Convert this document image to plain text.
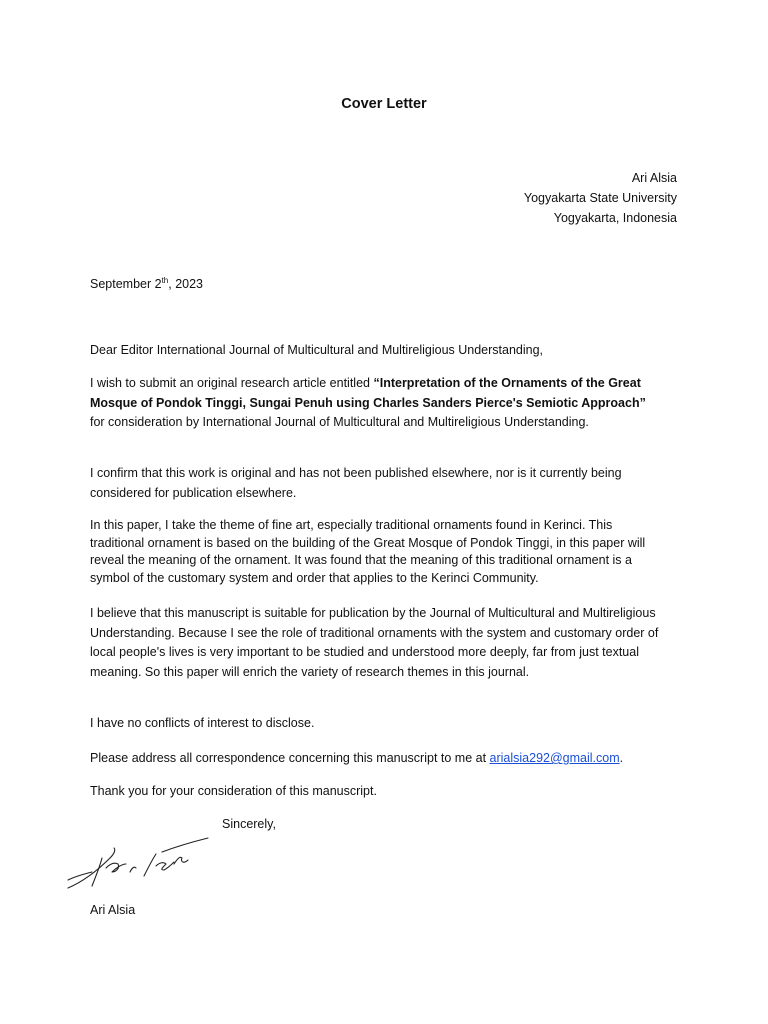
Cover Letter
Ari Alsia
Yogyakarta State University
Yogyakarta, Indonesia
September 2th, 2023
Dear Editor International Journal of Multicultural and Multireligious Understanding,
I wish to submit an original research article entitled “Interpretation of the Ornaments of the Great Mosque of Pondok Tinggi, Sungai Penuh using Charles Sanders Pierce's Semiotic Approach” for consideration by International Journal of Multicultural and Multireligious Understanding.
I confirm that this work is original and has not been published elsewhere, nor is it currently being considered for publication elsewhere.
In this paper, I take the theme of fine art, especially traditional ornaments found in Kerinci. This traditional ornament is based on the building of the Great Mosque of Pondok Tinggi, in this paper will reveal the meaning of the ornament. It was found that the meaning of this traditional ornament is a symbol of the customary system and order that applies to the Kerinci Community.
I believe that this manuscript is suitable for publication by the Journal of Multicultural and Multireligious Understanding. Because I see the role of traditional ornaments with the system and customary order of local people's lives is very important to be studied and understood more deeply, far from just textual meaning. So this paper will enrich the variety of research themes in this journal.
I have no conflicts of interest to disclose.
Please address all correspondence concerning this manuscript to me at arialsia292@gmail.com.
Thank you for your consideration of this manuscript.
Sincerely,
Ari Alsia
